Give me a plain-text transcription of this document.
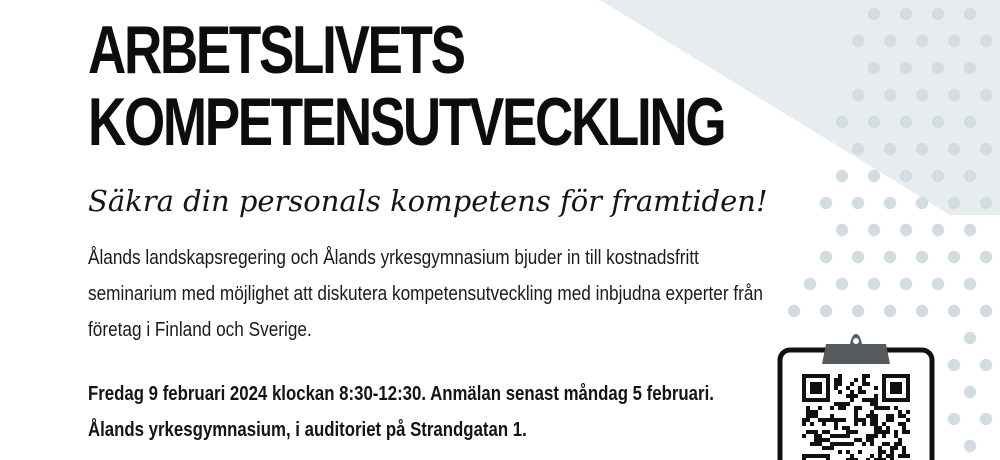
ARBETSLIVETS
KOMPETENSUTVECKLING

Säkra din personals kompetens för framtiden!

Ålands landskapsregering och Ålands yrkesgymnasium bjuder in till kostnadsfritt
seminarium med möjlighet att diskutera kompetensutveckling med inbjudna experter från
företag i Finland och Sverige.

Fredag 9 februari 2024 klockan 8:30-12:30. Anmälan senast måndag 5 februari.
Ålands yrkesgymnasium, i auditoriet på Strandgatan 1.
